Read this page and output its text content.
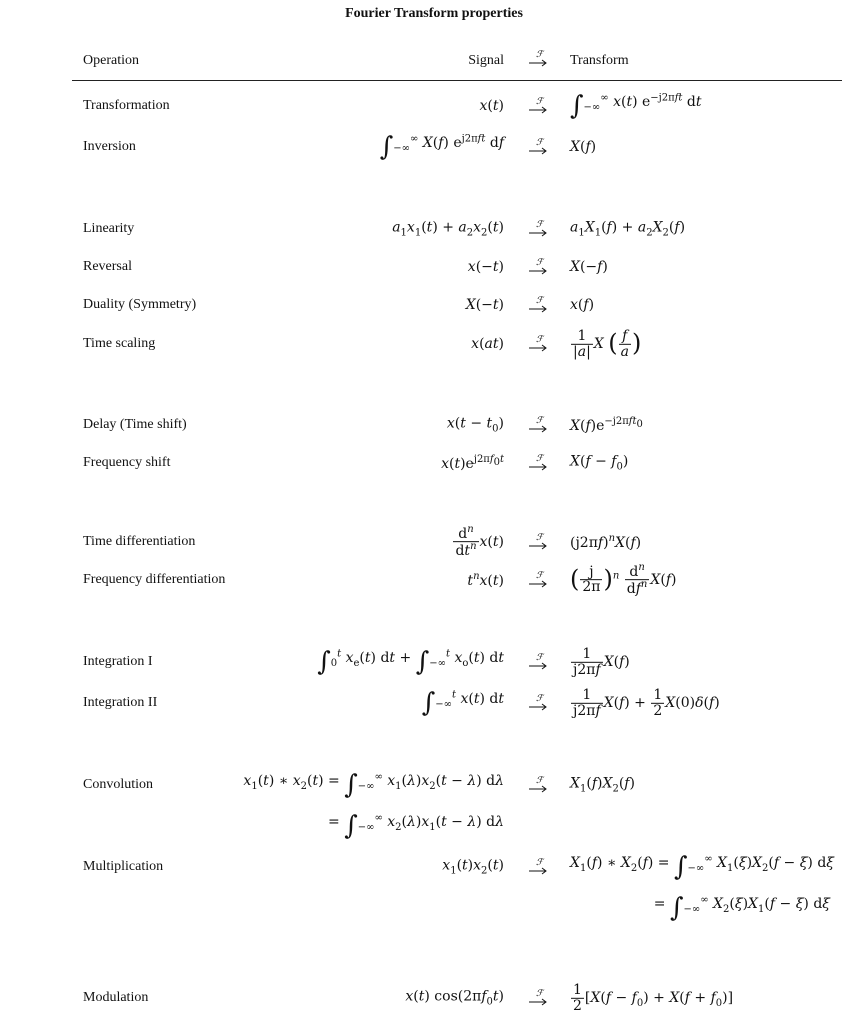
Fourier Transform properties
Operation	Signal	ℱ Transform
Transformation	x(t)	ℱ $\int_{-\infty}^\infty$ x(t) $e^{-j2\pi ft}$ dt
Inversion	$\int_{-\infty}^\infty$ X(f) $e^{j2\pi ft}$ df	ℱ X(f)
Linearity	$a_1x_1(t) + a_2x_2(t)$	ℱ $a_1X_1(f) + a_2X_2(f)$
Reversal	x(−t)	ℱ X(−f)
Duality (Symmetry)	X(−t)	ℱ x(f)
Time scaling	x(at)	ℱ $\frac{1}{|a|}$ X ( $\frac{f}{a}$ )
Delay (Time shift)	$x(t - t_0)$	ℱ $X(f)e^{-j2\pi ft_0}$
Frequency shift	$x(t)e^{j2\pi f_0t}$	ℱ $X(f - f_0)$
Time differentiation	$\frac{d^n}{dt^n} x(t)$	ℱ $(j2\pi f)^nX(f)$
Frequency differentiation	$t^nx(t)$	ℱ ( $\frac{j}{2\pi} )^n \frac{d^n}{df^n} X(f)$
Integration I	$\int_0^t$ $x_e(t)$ dt + $\int_{-\infty}^t$ $x_o(t)$ dt	ℱ $\frac{1}{j2\pi f} X(f)$
Integration II	$\int_{-\infty}^t$ x(t) dt	ℱ $\frac{1}{j2\pi f} X(f) + \frac{1}{2} X(0)\delta(f)$
Convolution	$x_1(t)$ ∗ $x_2(t) = \int_{-\infty}^\infty$ $x_1(\lambda)x_2(t - \lambda)$ dλ	ℱ $X_1(f)X_2(f)$
= $\int_{-\infty}^\infty$ $x_2(\lambda)x_1(t - \lambda)$ dλ
Multiplication	$x_1(t)x_2(t)$	ℱ $X_1(f)$ ∗ $X_2(f) = \int_{-\infty}^\infty$ $X_1(\xi)X_2(f - \xi)$ dξ
= $\int_{-\infty}^\infty$ $X_2(\xi)X_1(f - \xi)$ dξ
Modulation	x(t) $\cos(2\pi f_0t)$	ℱ $\frac{1}{2} [X(f - f_0) + X(f + f_0)]$
